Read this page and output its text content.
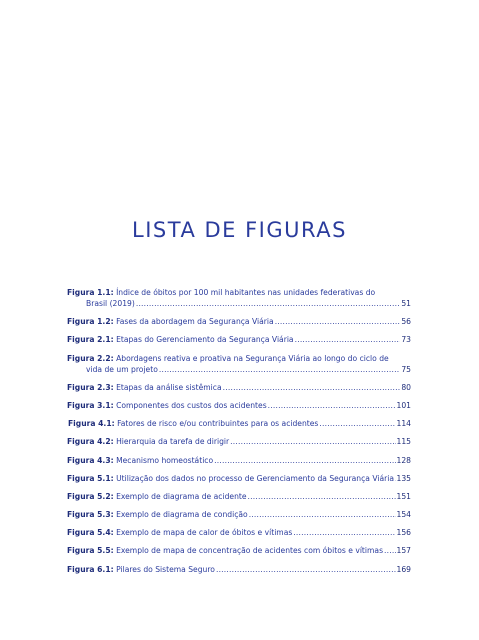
LISTA DE FIGURAS
Figura 1.1: Índice de óbitos por 100 mil habitantes nas unidades federativas do
Brasil (2019) .....	51
Figura 1.2:
Fases da abordagem da Segurança Viária .....	56
Figura 2.1:
Etapas do Gerenciamento da Segurança Viária .....	73
Figura 2.2: Abordagens reativa e proativa na Segurança Viária ao longo do ciclo de
vida de um projeto .....	75
Figura 2.3:
Etapas da análise sistêmica .....	80
Figura 3.1:
Componentes dos custos dos acidentes .....	101
Figura 4.1:
Fatores de risco e/ou contribuintes para os acidentes .....	114
Figura 4.2:
Hierarquia da tarefa de dirigir .....	115
Figura 4.3:
Mecanismo homeostático .....	128
Figura 5.1:
Utilização dos dados no processo de Gerenciamento da Segurança Viária ..... 135
Figura 5.2:
Exemplo de diagrama de acidente .....	151
Figura 5.3:
Exemplo de diagrama de condição .....	154
Figura 5.4:
Exemplo de mapa de calor de óbitos e vítimas .....	156
Figura 5.5:
Exemplo de mapa de concentração de acidentes com óbitos e vítimas ..... 157
Figura 6.1:
Pilares do Sistema Seguro .....	169
